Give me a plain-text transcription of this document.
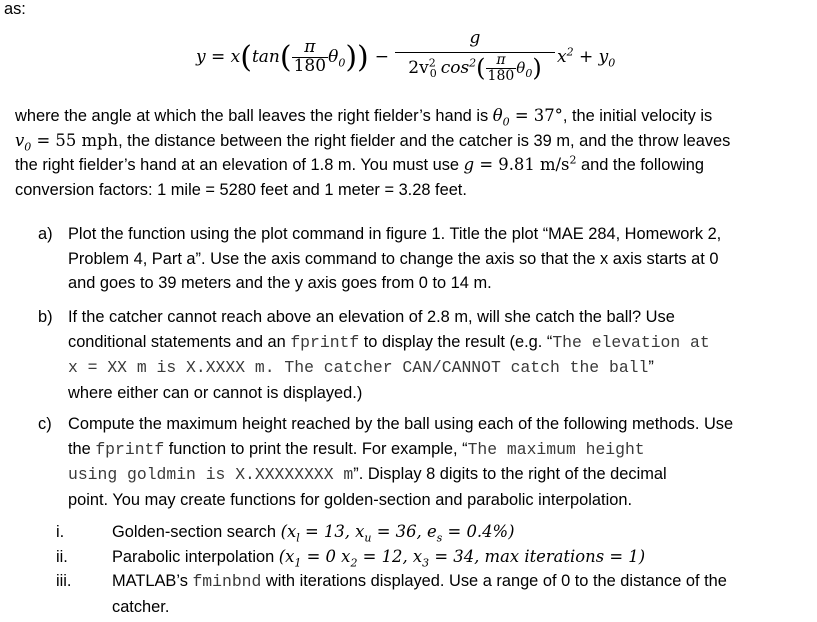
as:
y = x ( tan ( $\frac{\pi}{180} \theta_0$ )) −
g
$2v^2_0$ $\cos^2$ ( $\frac{\pi}{180} \theta_0$ ) $x^2 + y_0$
where the angle at which the ball leaves the right fielder’s hand is $\theta_0 = 37^\circ$, the initial velocity is
$v_0 = 55$ mph, the distance between the right fielder and the catcher is 39 m, and the throw leaves
the right fielder’s hand at an elevation of 1.8 m. You must use g = 9.81 $m/s^2$ and the following
conversion factors: 1 mile = 5280 feet and 1 meter = 3.28 feet.
a) Plot the function using the plot command in figure 1. Title the plot “MAE 284, Homework 2,
Problem 4, Part a”. Use the axis command to change the axis so that the x axis starts at 0
and goes to 39 meters and the y axis goes from 0 to 14 m.
b) If the catcher cannot reach above an elevation of 2.8 m, will she catch the ball? Use
conditional statements and an fprintf to display the result (e.g. “The elevation at
x = XX m is X.XXXX m. The catcher CAN/CANNOT catch the ball”
where either can or cannot is displayed.)
c) Compute the maximum height reached by the ball using each of the following methods. Use
the fprintf function to print the result. For example, “The maximum height
using goldmin is X.XXXXXXXX m”. Display 8 digits to the right of the decimal
point. You may create functions for golden-section and parabolic interpolation.
i.	Golden-section search ($x_l = 13$, $x_u = 36$, $e_s = 0.4\%$)
ii.	Parabolic interpolation ($x_1 = 0$ $x_2 = 12$, $x_3 = 34$, max iterations = 1)
iii. MATLAB’s fminbnd with iterations displayed. Use a range of 0 to the distance of the
catcher.
